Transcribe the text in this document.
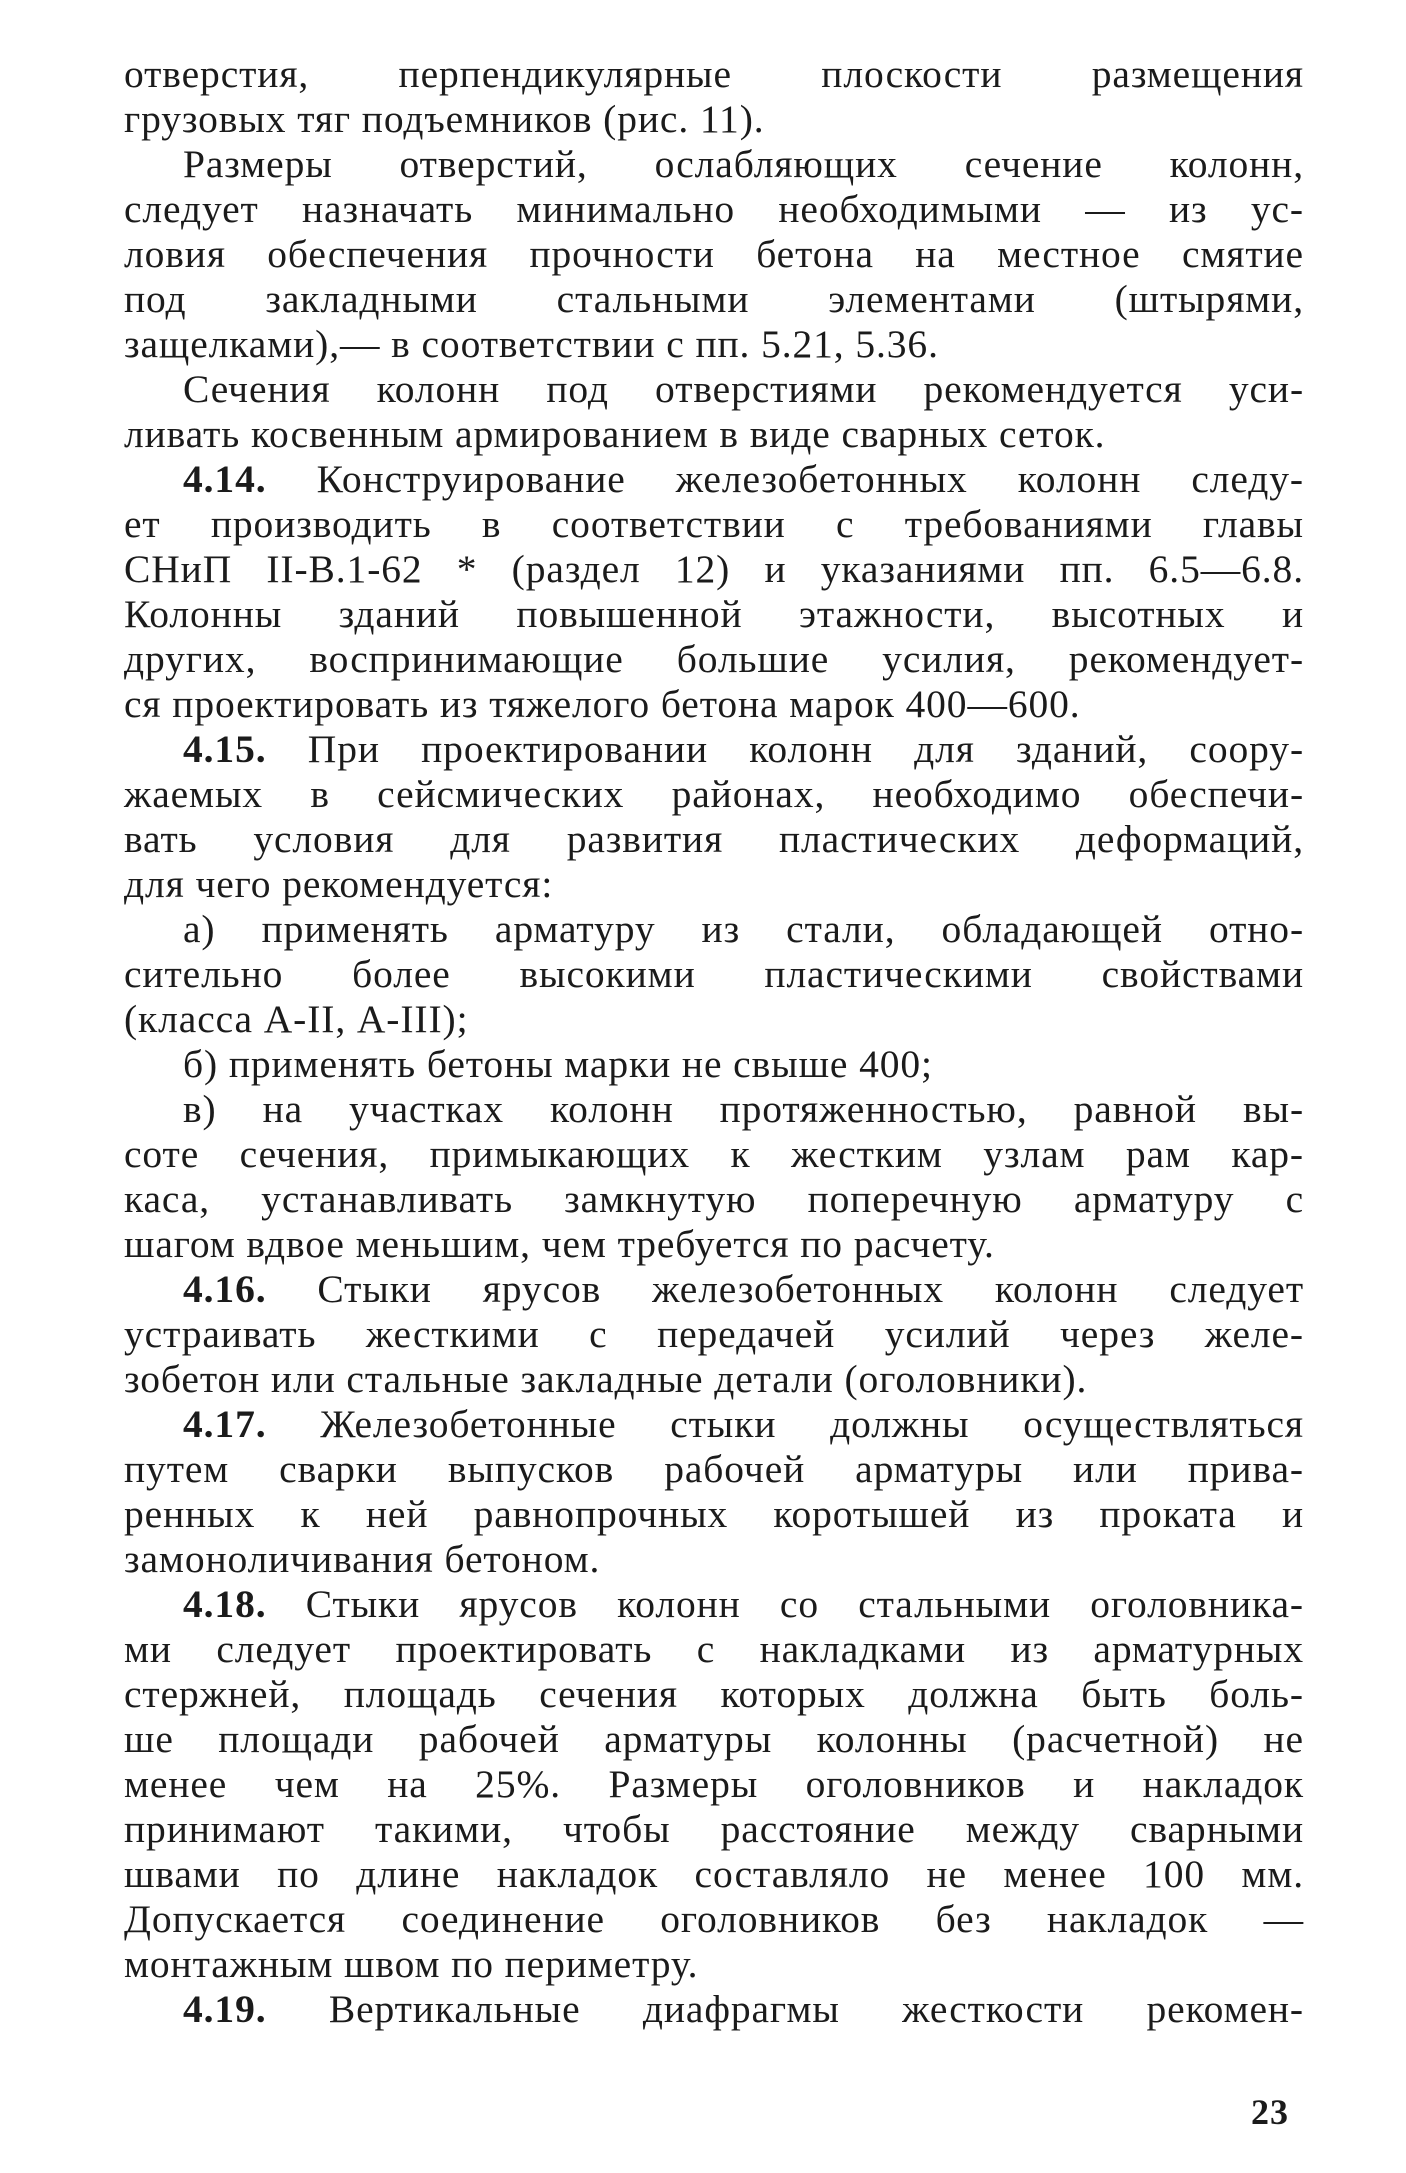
отверстия, перпендикулярные плоскости размещения
грузовых тяг подъемников (рис. 11).
Размеры отверстий, ослабляющих сечение колонн,
следует назначать минимально необходимыми — из ус-
ловия обеспечения прочности бетона на местное смятие
под закладными стальными элементами (штырями,
защелками),— в соответствии с пп. 5.21, 5.36.
Сечения колонн под отверстиями рекомендуется уси-
ливать косвенным армированием в виде сварных сеток.
4.14. Конструирование железобетонных колонн следу-
ет производить в соответствии с требованиями главы
СНиП II-В.1-62 * (раздел 12) и указаниями пп. 6.5—6.8.
Колонны зданий повышенной этажности, высотных и
других, воспринимающие большие усилия, рекомендует-
ся проектировать из тяжелого бетона марок 400—600.
4.15. При проектировании колонн для зданий, соору-
жаемых в сейсмических районах, необходимо обеспечи-
вать условия для развития пластических деформаций,
для чего рекомендуется:
а) применять арматуру из стали, обладающей отно-
сительно более высокими пластическими свойствами
(класса А-II, А-III);
б) применять бетоны марки не свыше 400;
в) на участках колонн протяженностью, равной вы-
соте сечения, примыкающих к жестким узлам рам кар-
каса, устанавливать замкнутую поперечную арматуру с
шагом вдвое меньшим, чем требуется по расчету.
4.16. Стыки ярусов железобетонных колонн следует
устраивать жесткими с передачей усилий через желе-
зобетон или стальные закладные детали (оголовники).
4.17. Железобетонные стыки должны осуществляться
путем сварки выпусков рабочей арматуры или прива-
ренных к ней равнопрочных коротышей из проката и
замоноличивания бетоном.
4.18. Стыки ярусов колонн со стальными оголовника-
ми следует проектировать с накладками из арматурных
стержней, площадь сечения которых должна быть боль-
ше площади рабочей арматуры колонны (расчетной) не
менее чем на 25%. Размеры оголовников и накладок
принимают такими, чтобы расстояние между сварными
швами по длине накладок составляло не менее 100 мм.
Допускается соединение оголовников без накладок —
монтажным швом по периметру.
4.19. Вертикальные диафрагмы жесткости рекомен-
23
